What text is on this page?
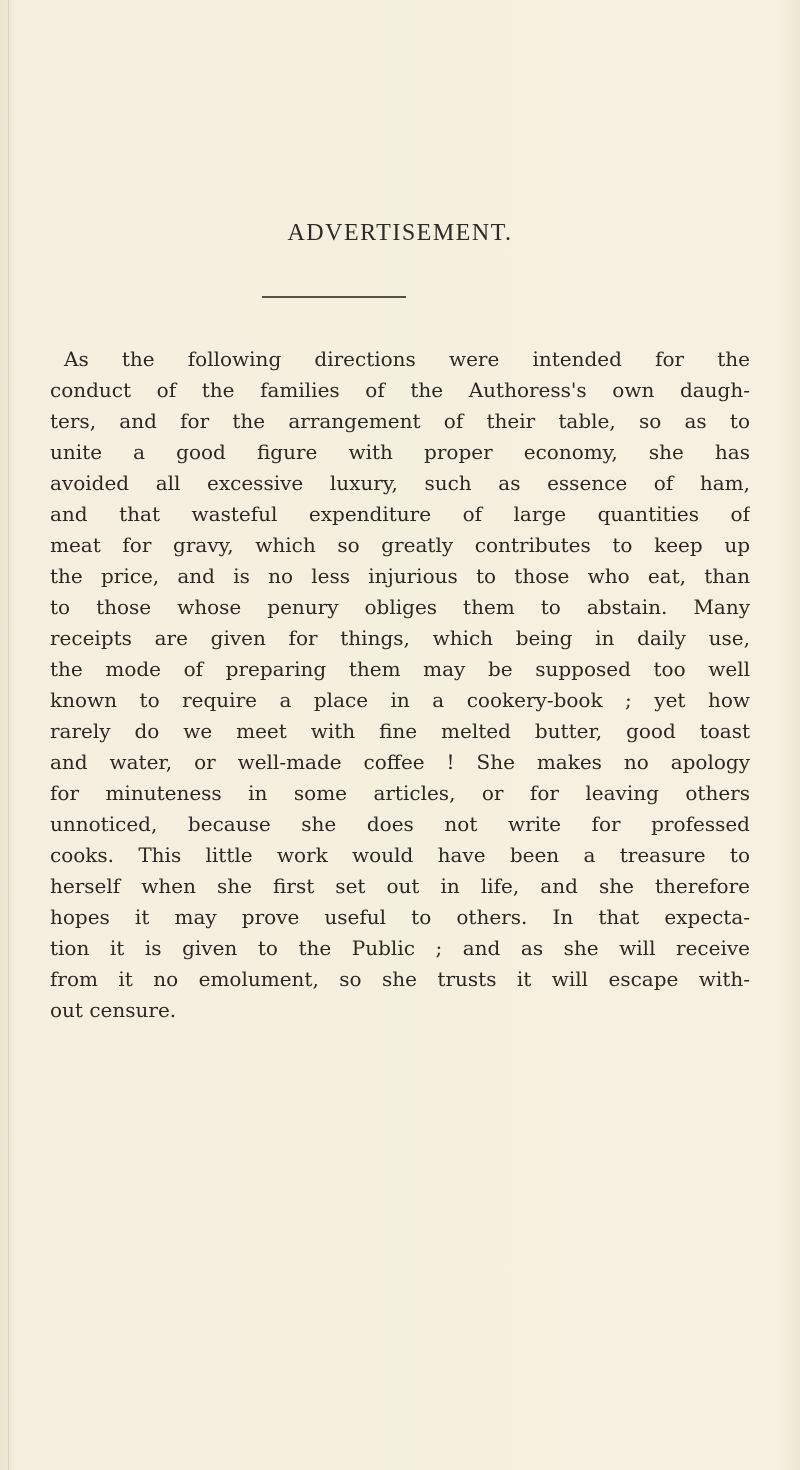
ADVERTISEMENT.
As the following directions were intended for the
conduct of the families of the Authoress's own daugh-
ters, and for the arrangement of their table, so as to
unite a good figure with proper economy, she has
avoided all excessive luxury, such as essence of ham,
and that wasteful expenditure of large quantities of
meat for gravy, which so greatly contributes to keep up
the price, and is no less injurious to those who eat, than
to those whose penury obliges them to abstain. Many
receipts are given for things, which being in daily use,
the mode of preparing them may be supposed too well
known to require a place in a cookery-book ; yet how
rarely do we meet with fine melted butter, good toast
and water, or well-made coffee ! She makes no apology
for minuteness in some articles, or for leaving others
unnoticed, because she does not write for professed
cooks. This little work would have been a treasure to
herself when she first set out in life, and she therefore
hopes it may prove useful to others. In that expecta-
tion it is given to the Public ; and as she will receive
from it no emolument, so she trusts it will escape with-
out censure.
